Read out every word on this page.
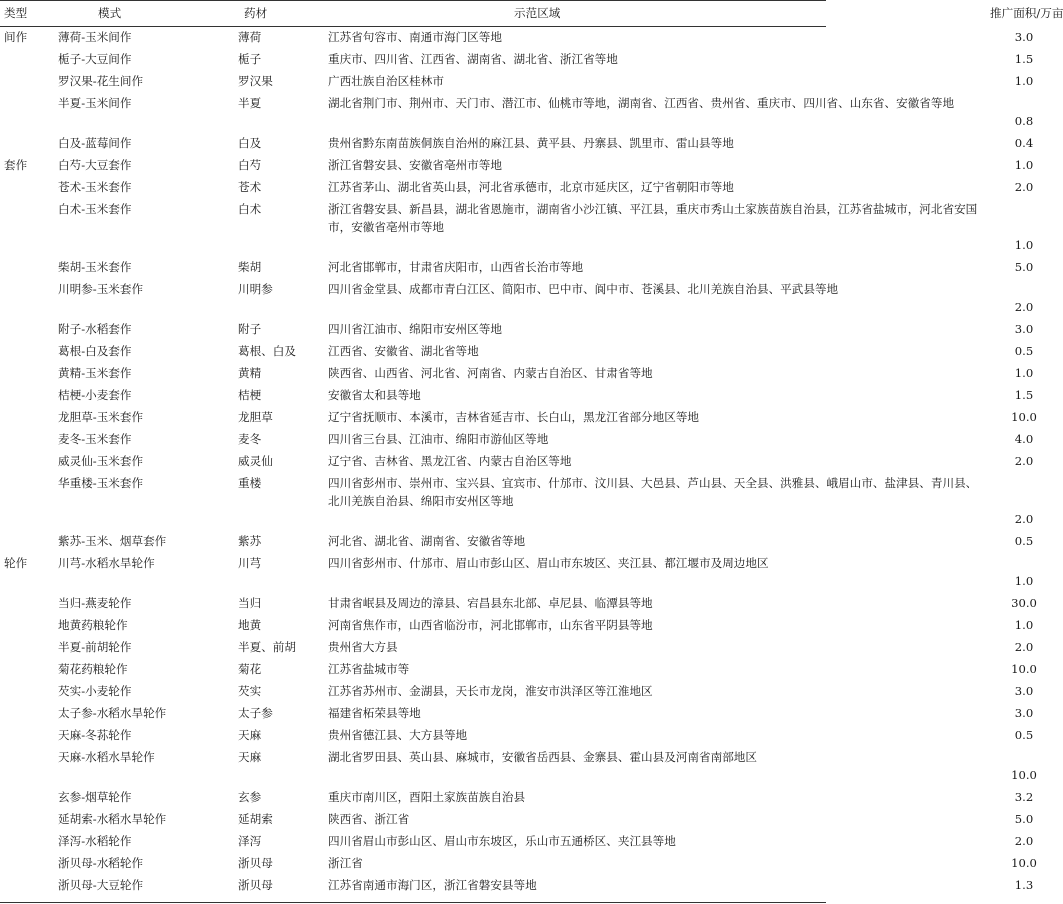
类型	模式	药材	示范区域	推广面积/万亩

间作	薄荷-玉米间作	薄荷	江苏省句容市、南通市海门区等地	3.0

	栀子-大豆间作	栀子	重庆市、四川省、江西省、湖南省、湖北省、浙江省等地	1.5

	罗汉果-花生间作	罗汉果	广西壮族自治区桂林市	1.0

	半夏-玉米间作	半夏	湖北省荆门市、荆州市、天门市、潜江市、仙桃市等地，湖南省、江西省、贵州省、重庆市、四川省、山东省、安徽省等地	0.8

	白及-蓝莓间作	白及	贵州省黔东南苗族侗族自治州的麻江县、黄平县、丹寨县、凯里市、雷山县等地	0.4

套作	白芍-大豆套作	白芍	浙江省磐安县、安徽省亳州市等地	1.0

	苍术-玉米套作	苍术	江苏省茅山、湖北省英山县，河北省承德市，北京市延庆区，辽宁省朝阳市等地	2.0

	白术-玉米套作	白术	浙江省磐安县、新昌县，湖北省恩施市，湖南省小沙江镇、平江县，重庆市秀山土家族苗族自治县，江苏省盐城市，河北省安国市，安徽省亳州市等地	1.0

	柴胡-玉米套作	柴胡	河北省邯郸市，甘肃省庆阳市，山西省长治市等地	5.0

	川明参-玉米套作	川明参	四川省金堂县、成都市青白江区、简阳市、巴中市、阆中市、苍溪县、北川羌族自治县、平武县等地	2.0

	附子-水稻套作	附子	四川省江油市、绵阳市安州区等地	3.0

	葛根-白及套作	葛根、白及	江西省、安徽省、湖北省等地	0.5

	黄精-玉米套作	黄精	陕西省、山西省、河北省、河南省、内蒙古自治区、甘肃省等地	1.0

	桔梗-小麦套作	桔梗	安徽省太和县等地	1.5

	龙胆草-玉米套作	龙胆草	辽宁省抚顺市、本溪市，吉林省延吉市、长白山，黑龙江省部分地区等地	10.0

	麦冬-玉米套作	麦冬	四川省三台县、江油市、绵阳市游仙区等地	4.0

	威灵仙-玉米套作	威灵仙	辽宁省、吉林省、黑龙江省、内蒙古自治区等地	2.0

	华重楼-玉米套作	重楼	四川省彭州市、崇州市、宝兴县、宜宾市、什邡市、汶川县、大邑县、芦山县、天全县、洪雅县、峨眉山市、盐津县、青川县、北川羌族自治县、绵阳市安州区等地	2.0

	紫苏-玉米、烟草套作	紫苏	河北省、湖北省、湖南省、安徽省等地	0.5

轮作	川芎-水稻水旱轮作	川芎	四川省彭州市、什邡市、眉山市彭山区、眉山市东坡区、夹江县、都江堰市及周边地区	1.0

	当归-燕麦轮作	当归	甘肃省岷县及周边的漳县、宕昌县东北部、卓尼县、临潭县等地	30.0

	地黄药粮轮作	地黄	河南省焦作市，山西省临汾市，河北邯郸市，山东省平阴县等地	1.0

	半夏-前胡轮作	半夏、前胡	贵州省大方县	2.0

	菊花药粮轮作	菊花	江苏省盐城市等	10.0

	芡实-小麦轮作	芡实	江苏省苏州市、金湖县，天长市龙岗，淮安市洪泽区等江淮地区	3.0

	太子参-水稻水旱轮作	太子参	福建省柘荣县等地	3.0

	天麻-冬荪轮作	天麻	贵州省德江县、大方县等地	0.5

	天麻-水稻水旱轮作	天麻	湖北省罗田县、英山县、麻城市，安徽省岳西县、金寨县、霍山县及河南省南部地区	10.0

	玄参-烟草轮作	玄参	重庆市南川区，酉阳土家族苗族自治县	3.2

	延胡索-水稻水旱轮作	延胡索	陕西省、浙江省	5.0

	泽泻-水稻轮作	泽泻	四川省眉山市彭山区、眉山市东坡区，乐山市五通桥区、夹江县等地	2.0

	浙贝母-水稻轮作	浙贝母	浙江省	10.0

	浙贝母-大豆轮作	浙贝母	江苏省南通市海门区，浙江省磐安县等地	1.3
